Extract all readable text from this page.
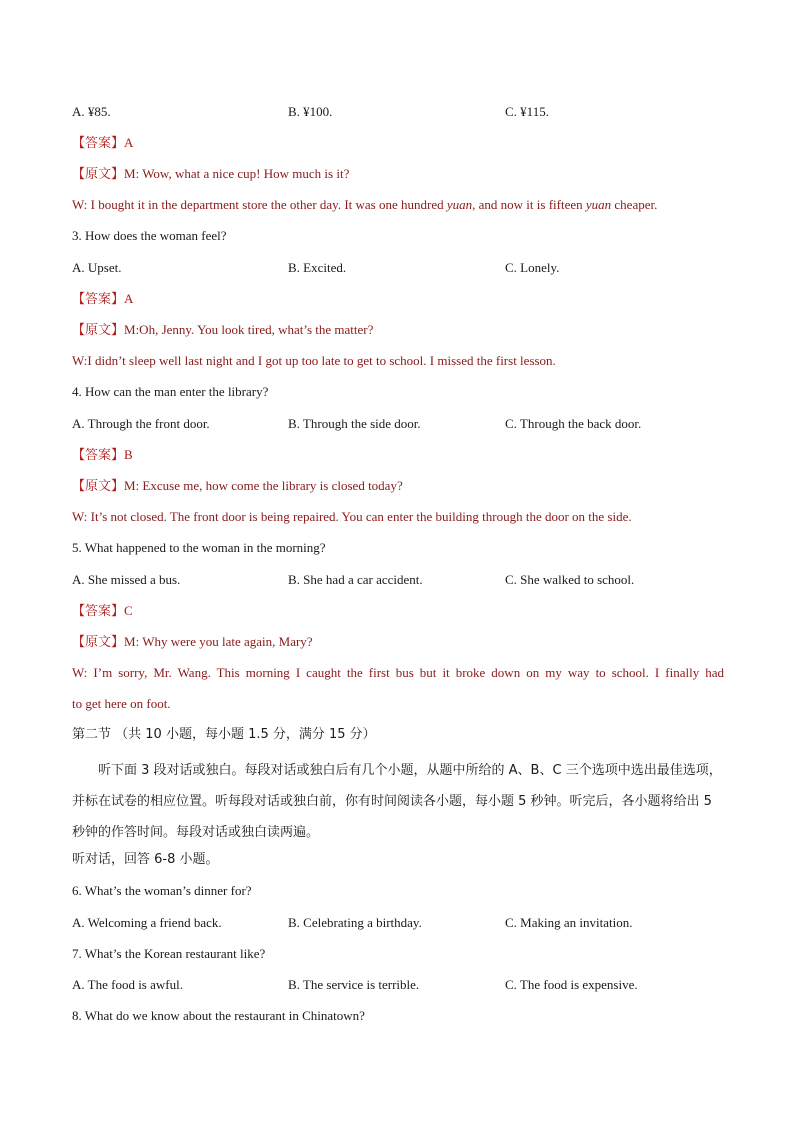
A. ¥85.	B. ¥100.	C. ¥115.
【答案】A
【原文】M: Wow, what a nice cup! How much is it?
W: I bought it in the department store the other day. It was one hundred yuan, and now it is fifteen yuan cheaper.
3. How does the woman feel?
A. Upset.	B. Excited.	C. Lonely.
【答案】A
【原文】M:Oh, Jenny. You look tired, what’s the matter?
W:I didn’t sleep well last night and I got up too late to get to school. I missed the first lesson.
4. How can the man enter the library?
A. Through the front door.	B. Through the side door.	C. Through the back door.
【答案】B
【原文】M: Excuse me, how come the library is closed today?
W: It’s not closed. The front door is being repaired. You can enter the building through the door on the side.
5. What happened to the woman in the morning?
A. She missed a bus.	B. She had a car accident.	C. She walked to school.
【答案】C
【原文】M: Why were you late again, Mary?
W: I’m sorry, Mr. Wang. This morning I caught the first bus but it broke down on my way to school. I finally had
to get here on foot.
第二节 （共 10 小题，每小题 1.5 分，满分 15 分）
听下面 3 段对话或独白。每段对话或独白后有几个小题，从题中所给的 A、B、C 三个选项中选出最佳选项，并标在试卷的相应位置。听每段对话或独白前，你有时间阅读各小题，每小题 5 秒钟。听完后，各小题将给出 5 秒钟的作答时间。每段对话或独白读两遍。
听对话，回答 6-8 小题。
6. What’s the woman’s dinner for?
A. Welcoming a friend back.	B. Celebrating a birthday.	C. Making an invitation.
7. What’s the Korean restaurant like?
A. The food is awful.	B. The service is terrible.	C. The food is expensive.
8. What do we know about the restaurant in Chinatown?
